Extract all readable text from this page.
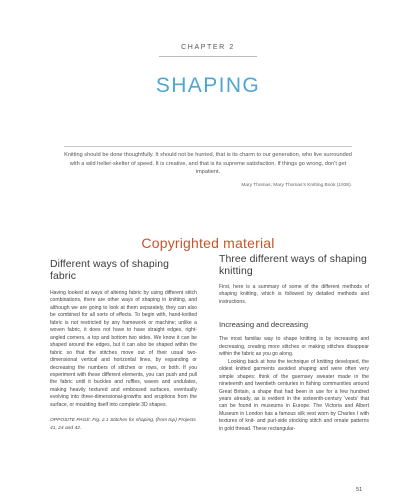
CHAPTER 2
SHAPING
Knitting should be done thoughtfully. It should not be hurried, that is its charm to our generation, who live surrounded with a wild helter-skelter of speed. It is creative, and that is its supreme satisfaction. If things go wrong, don’t get impatient.
Mary Thomas, Mary Thomas’s Knitting Book (1938).
Copyrighted material
Different ways of shaping fabric

Having looked at ways of altering fabric by using different stitch combinations, there are other ways of shaping in knitting, and although we are going to look at them separately, they can also be combined for all sorts of effects. To begin with, hand-knitted fabric is not restricted by any framework or machine; unlike a woven fabric, it does not have to have straight edges, right-angled corners, a top and bottom two sides. We know it can be shaped around the edges, but it can also be shaped within the fabric so that the stitches move out of their usual two-dimensional vertical and horizontal lines, by expanding or decreasing the numbers of stitches or rows, or both. If you experiment with these different elements, you can push and pull the fabric until it buckles and ruffles, waves and undulates, making heavily textured and embossed surfaces, eventually evolving into three-dimensional-growths and eruptions from the surface, or moulding itself into complete 3D shapes.

OPPOSITE PAGE: Fig. 2.1 Stitches for shaping, (from top) Projects 41, 24 and 42.

Three different ways of shaping knitting

First, here is a summary of some of the different methods of shaping knitting, which is followed by detailed methods and instructions.

Increasing and decreasing

The most familiar way to shape knitting is by increasing and decreasing, creating more stitches or making stitches disappear within the fabric as you go along.

Looking back at how the technique of knitting developed, the oldest knitted garments avoided shaping and were often very simple shapes: think of the guernsey sweater made in the nineteenth and twentieth centuries in fishing communities around Great Britain, a shape that had been in use for a few hundred years already, as is evident in the sixteenth-century ‘vests’ that can be found in museums in Europe. The Victoria and Albert Museum in London has a famous silk vest worn by Charles I with textures of knit- and purl-side stocking stitch and ornate patterns in gold thread. These rectangular-

51
